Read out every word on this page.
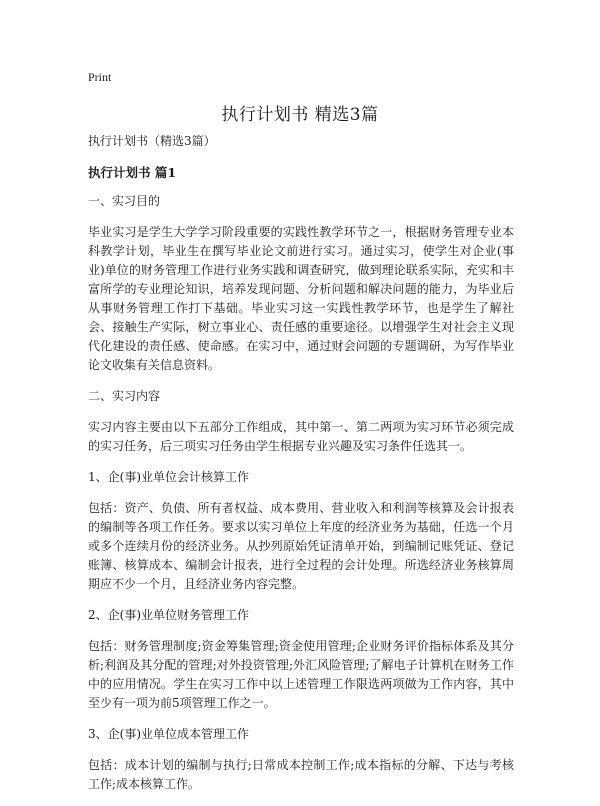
Print
执行计划书 精选3篇
执行计划书（精选3篇）
执行计划书 篇1
一、实习目的
毕业实习是学生大学学习阶段重要的实践性教学环节之一，根据财务管理专业本科教学计划，毕业生在撰写毕业论文前进行实习。通过实习，使学生对企业(事业)单位的财务管理工作进行业务实践和调查研究，做到理论联系实际，充实和丰富所学的专业理论知识，培养发现问题、分析问题和解决问题的能力，为毕业后从事财务管理工作打下基础。毕业实习这一实践性教学环节，也是学生了解社会、接触生产实际，树立事业心、责任感的重要途径。以增强学生对社会主义现代化建设的责任感、使命感。在实习中，通过财会问题的专题调研，为写作毕业论文收集有关信息资料。
二、实习内容
实习内容主要由以下五部分工作组成，其中第一、第二两项为实习环节必须完成的实习任务，后三项实习任务由学生根据专业兴趣及实习条件任选其一。
1、企(事)业单位会计核算工作
包括：资产、负债、所有者权益、成本费用、营业收入和利润等核算及会计报表的编制等各项工作任务。要求以实习单位上年度的经济业务为基础，任选一个月或多个连续月份的经济业务。从抄列原始凭证清单开始，到编制记账凭证、登记账簿、核算成本、编制会计报表，进行全过程的会计处理。所选经济业务核算周期应不少一个月，且经济业务内容完整。
2、企(事)业单位财务管理工作
包括：财务管理制度;资金筹集管理;资金使用管理;企业财务评价指标体系及其分析;利润及其分配的管理;对外投资管理;外汇风险管理;了解电子计算机在财务工作中的应用情况。学生在实习工作中以上述管理工作限选两项做为工作内容，其中至少有一项为前5项管理工作之一。
3、企(事)业单位成本管理工作
包括：成本计划的编制与执行;日常成本控制工作;成本指标的分解、下达与考核工作;成本核算工作。
